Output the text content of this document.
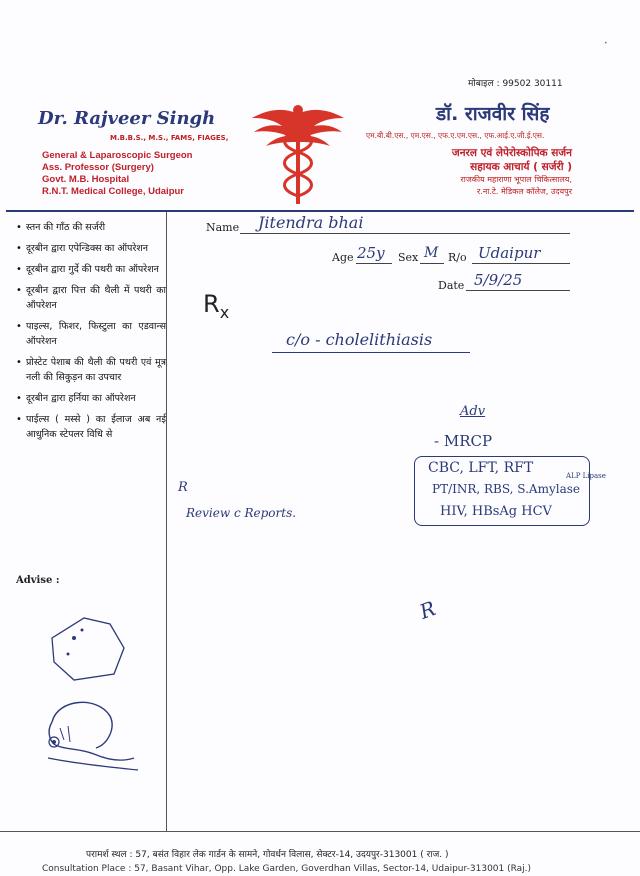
•
मोबाइल : 99502 30111
Dr. Rajveer Singh
M.B.B.S., M.S., FAMS, FIAGES,
General & Laparoscopic Surgeon
Ass. Professor (Surgery)
Govt. M.B. Hospital
R.N.T. Medical College, Udaipur
डॉ. राजवीर सिंह
एम.बी.बी.एस., एम.एस., एफ.ए.एम.एस., एफ.आई.ए.जी.ई.एस.
जनरल एवं लेपेरोस्कोपिक सर्जन
सहायक आचार्य ( सर्जरी )
राजकीय महाराणा भूपाल चिकित्सालय,
र.ना.टे. मेडिकल कॉलेज, उदयपुर
• स्तन की गाँठ की सर्जरी
• दूरबीन द्वारा एपेन्डिक्स का ऑपरेशन
• दूरबीन द्वारा गुर्दे की पथरी का ऑपरेशन
• दूरबीन द्वारा पित्त की थैली में पथरी का ऑपरेशन
• पाइल्स, फिशर, फिस्टुला का एडवान्स ऑपरेशन
• प्रोस्टेट पेशाब की थैली की पथरी एवं मूत्र नली की सिकुड़न का उपचार
• दूरबीन द्वारा हर्निया का ऑपरेशन
• पाईल्स ( मस्से ) का ईलाज अब नई आधुनिक स्टेपलर विधि से
Advise :
Name Jitendra bhai
Age 25y Sex M R/o Udaipur
Date 5/9/25
$R_x$
c/o - cholelithiasis
Adv
- MRCP
CBC, LFT, RFT
PT/INR, RBS, S.Amylase
ALP Lipase
HIV, HBsAg HCV
R
Review c Reports.
R
परामर्श स्थल : 57, बसंत विहार लेक गार्डन के सामने, गोवर्धन विलास, सेक्टर-14, उदयपुर-313001 ( राज. )
Consultation Place : 57, Basant Vihar, Opp. Lake Garden, Goverdhan Villas, Sector-14, Udaipur-313001 (Raj.)
